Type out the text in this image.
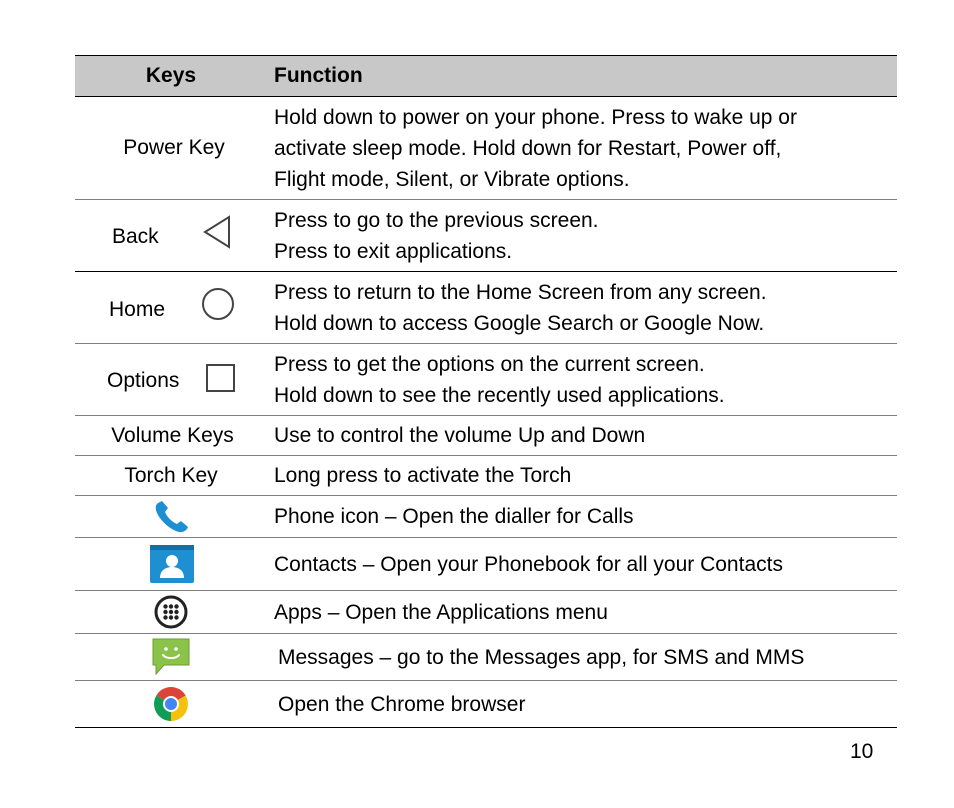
Keys	Function
Power Key
Hold down to power on your phone. Press to wake up or
activate sleep mode. Hold down for Restart, Power off,
Flight mode, Silent, or Vibrate options.
Back
Press to go to the previous screen.
Press to exit applications.
Home
Press to return to the Home Screen from any screen.
Hold down to access Google Search or Google Now.
Options
Press to get the options on the current screen.
Hold down to see the recently used applications.
Volume Keys Use to control the volume Up and Down
Torch Key	Long press to activate the Torch
Phone icon – Open the dialler for Calls
Contacts – Open your Phonebook for all your Contacts
Apps – Open the Applications menu
Messages – go to the Messages app, for SMS and MMS
Open the Chrome browser
10
